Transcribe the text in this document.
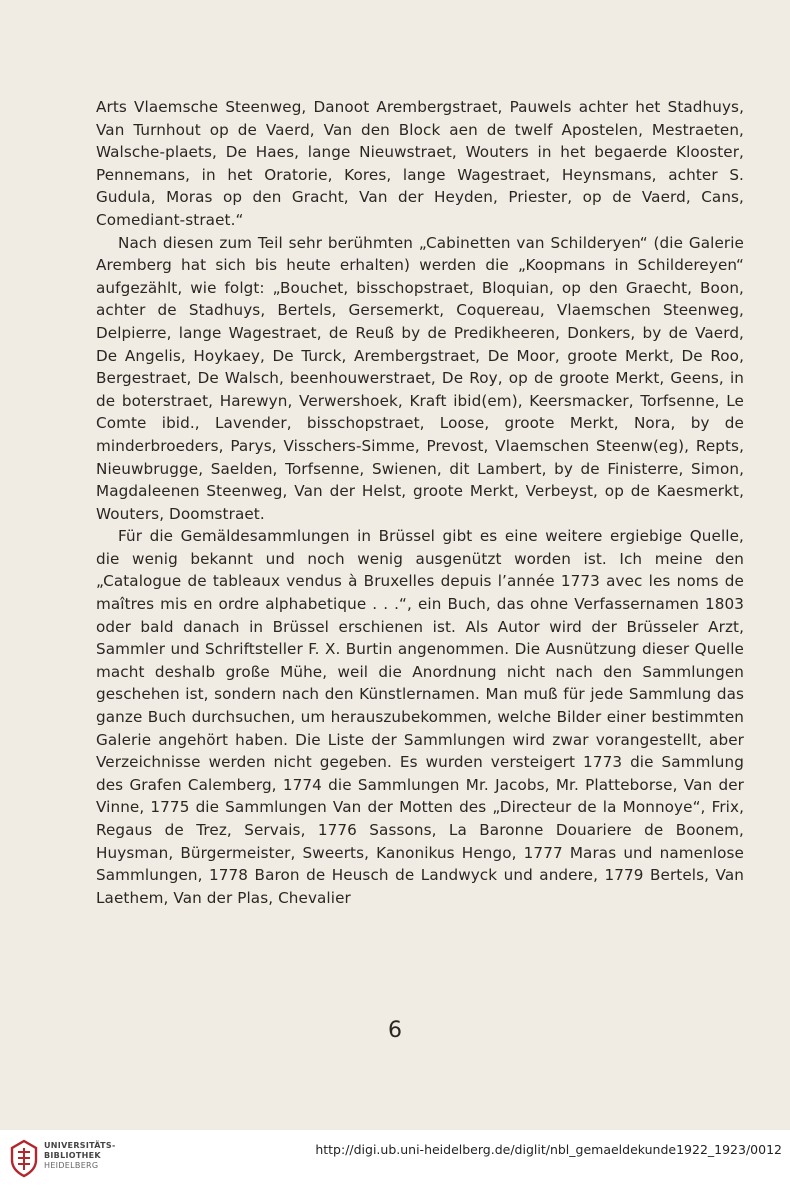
Arts Vlaemsche Steenweg, Danoot Arembergstraet, Pauwels achter het Stadhuys, Van Turnhout op de Vaerd, Van den Block aen de twelf Apostelen, Mestraeten, Walsche-plaets, De Haes, lange Nieuwstraet, Wouters in het begaerde Klooster, Pennemans, in het Oratorie, Kores, lange Wagestraet, Heynsmans, achter S. Gudula, Moras op den Gracht, Van der Heyden, Priester, op de Vaerd, Cans, Comediant-straet.“

Nach diesen zum Teil sehr berühmten „Cabinetten van Schilderyen“ (die Galerie Aremberg hat sich bis heute erhalten) werden die „Koopmans in Schildereyen“ aufgezählt, wie folgt: „Bouchet, bisschopstraet, Bloquian, op den Graecht, Boon, achter de Stadhuys, Bertels, Gersemerkt, Coquereau, Vlaemschen Steenweg, Delpierre, lange Wagestraet, de Reuß by de Predikheeren, Donkers, by de Vaerd, De Angelis, Hoykaey, De Turck, Arembergstraet, De Moor, groote Merkt, De Roo, Bergestraet, De Walsch, beenhouwerstraet, De Roy, op de groote Merkt, Geens, in de boterstraet, Harewyn, Verwershoek, Kraft ibid(em), Keersmacker, Torfsenne, Le Comte ibid., Lavender, bisschopstraet, Loose, groote Merkt, Nora, by de minderbroeders, Parys, Visschers-Simme, Prevost, Vlaemschen Steenw(eg), Repts, Nieuwbrugge, Saelden, Torfsenne, Swienen, dit Lambert, by de Finisterre, Simon, Magdaleenen Steenweg, Van der Helst, groote Merkt, Verbeyst, op de Kaesmerkt, Wouters, Doomstraet.

Für die Gemäldesammlungen in Brüssel gibt es eine weitere ergiebige Quelle, die wenig bekannt und noch wenig ausgenützt worden ist. Ich meine den „Catalogue de tableaux vendus à Bruxelles depuis l’année 1773 avec les noms de maîtres mis en ordre alphabetique . . .“, ein Buch, das ohne Verfassernamen 1803 oder bald danach in Brüssel erschienen ist. Als Autor wird der Brüsseler Arzt, Sammler und Schriftsteller F. X. Burtin angenommen. Die Ausnützung dieser Quelle macht deshalb große Mühe, weil die Anordnung nicht nach den Sammlungen geschehen ist, sondern nach den Künstlernamen. Man muß für jede Sammlung das ganze Buch durchsuchen, um herauszubekommen, welche Bilder einer bestimmten Galerie angehört haben. Die Liste der Sammlungen wird zwar vorangestellt, aber Verzeichnisse werden nicht gegeben. Es wurden versteigert 1773 die Sammlung des Grafen Calemberg, 1774 die Sammlungen Mr. Jacobs, Mr. Platteborse, Van der Vinne, 1775 die Sammlungen Van der Motten des „Directeur de la Monnoye“, Frix, Regaus de Trez, Servais, 1776 Sassons, La Baronne Douariere de Boonem, Huysman, Bürgermeister, Sweerts, Kanonikus Hengo, 1777 Maras und namenlose Sammlungen, 1778 Baron de Heusch de Landwyck und andere, 1779 Bertels, Van Laethem, Van der Plas, Chevalier

6
UNIVERSITÄTS-
BIBLIOTHEK
HEIDELBERG
http://digi.ub.uni-heidelberg.de/diglit/nbl_gemaeldekunde1922_1923/0012
